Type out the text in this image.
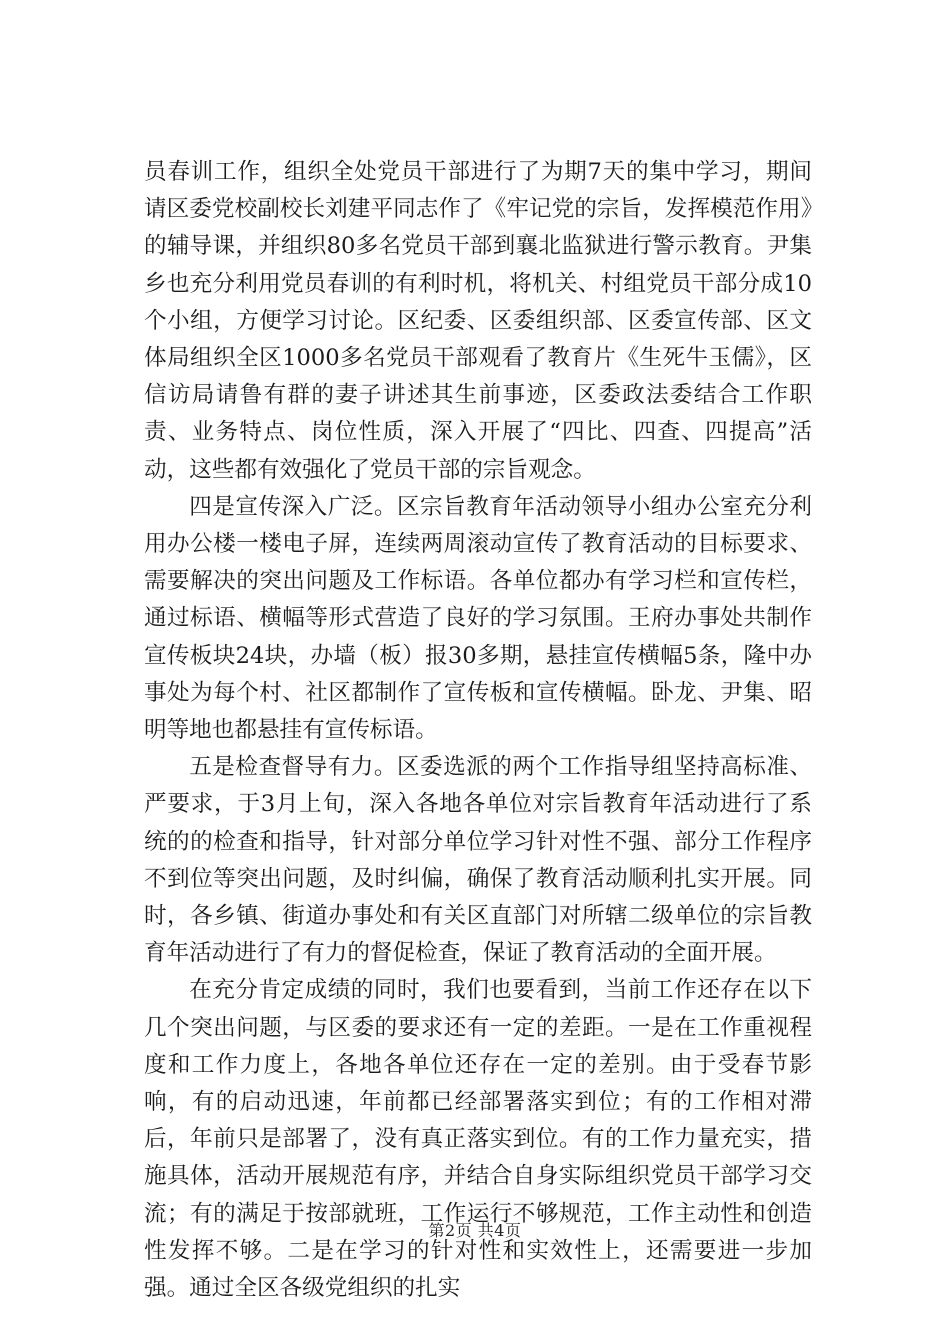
员春训工作，组织全处党员干部进行了为期7天的集中学习，期间请区委党校副校长刘建平同志作了《牢记党的宗旨，发挥模范作用》的辅导课，并组织80多名党员干部到襄北监狱进行警示教育。尹集乡也充分利用党员春训的有利时机，将机关、村组党员干部分成10个小组，方便学习讨论。区纪委、区委组织部、区委宣传部、区文体局组织全区1000多名党员干部观看了教育片《生死牛玉儒》，区信访局请鲁有群的妻子讲述其生前事迹，区委政法委结合工作职责、业务特点、岗位性质，深入开展了“四比、四查、四提高”活动，这些都有效强化了党员干部的宗旨观念。

四是宣传深入广泛。区宗旨教育年活动领导小组办公室充分利用办公楼一楼电子屏，连续两周滚动宣传了教育活动的目标要求、需要解决的突出问题及工作标语。各单位都办有学习栏和宣传栏，通过标语、横幅等形式营造了良好的学习氛围。王府办事处共制作宣传板块24块，办墙（板）报30多期，悬挂宣传横幅5条，隆中办事处为每个村、社区都制作了宣传板和宣传横幅。卧龙、尹集、昭明等地也都悬挂有宣传标语。

五是检查督导有力。区委选派的两个工作指导组坚持高标准、严要求，于3月上旬，深入各地各单位对宗旨教育年活动进行了系统的的检查和指导，针对部分单位学习针对性不强、部分工作程序不到位等突出问题，及时纠偏，确保了教育活动顺利扎实开展。同时，各乡镇、街道办事处和有关区直部门对所辖二级单位的宗旨教育年活动进行了有力的督促检查，保证了教育活动的全面开展。

在充分肯定成绩的同时，我们也要看到，当前工作还存在以下几个突出问题，与区委的要求还有一定的差距。一是在工作重视程度和工作力度上，各地各单位还存在一定的差别。由于受春节影响，有的启动迅速，年前都已经部署落实到位；有的工作相对滞后，年前只是部署了，没有真正落实到位。有的工作力量充实，措施具体，活动开展规范有序，并结合自身实际组织党员干部学习交流；有的满足于按部就班，工作运行不够规范，工作主动性和创造性发挥不够。二是在学习的针对性和实效性上，还需要进一步加强。通过全区各级党组织的扎实

第2页 共4页
